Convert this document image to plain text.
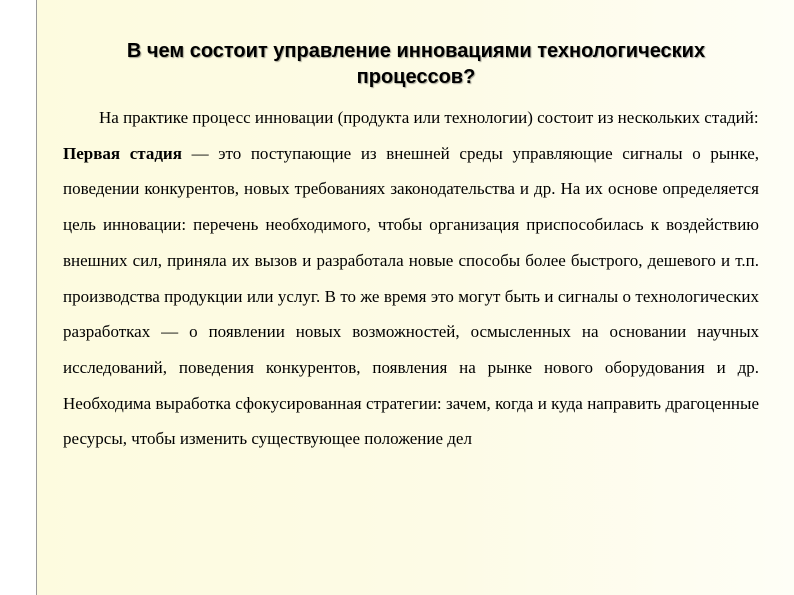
В чем состоит управление инновациями технологических
процессов?

На практике процесс инновации (продукта или технологии) состоит из нескольких стадий:

Первая стадия — это поступающие из внешней среды управляющие сигналы о рынке, поведении конкурентов, новых требованиях законодательства и др. На их основе определяется цель инновации: перечень необходимого, чтобы организация приспособилась к воздействию внешних сил, приняла их вызов и разработала новые способы более быстрого, дешевого и т.п. производства продукции или услуг. В то же время это могут быть и сигналы о технологических разработках — о появлении новых возможностей, осмысленных на основании научных исследований, поведения конкурентов, появления на рынке нового оборудования и др. Необходима выработка сфокусированная стратегии: зачем, когда и куда направить драгоценные ресурсы, чтобы изменить существующее положение дел
